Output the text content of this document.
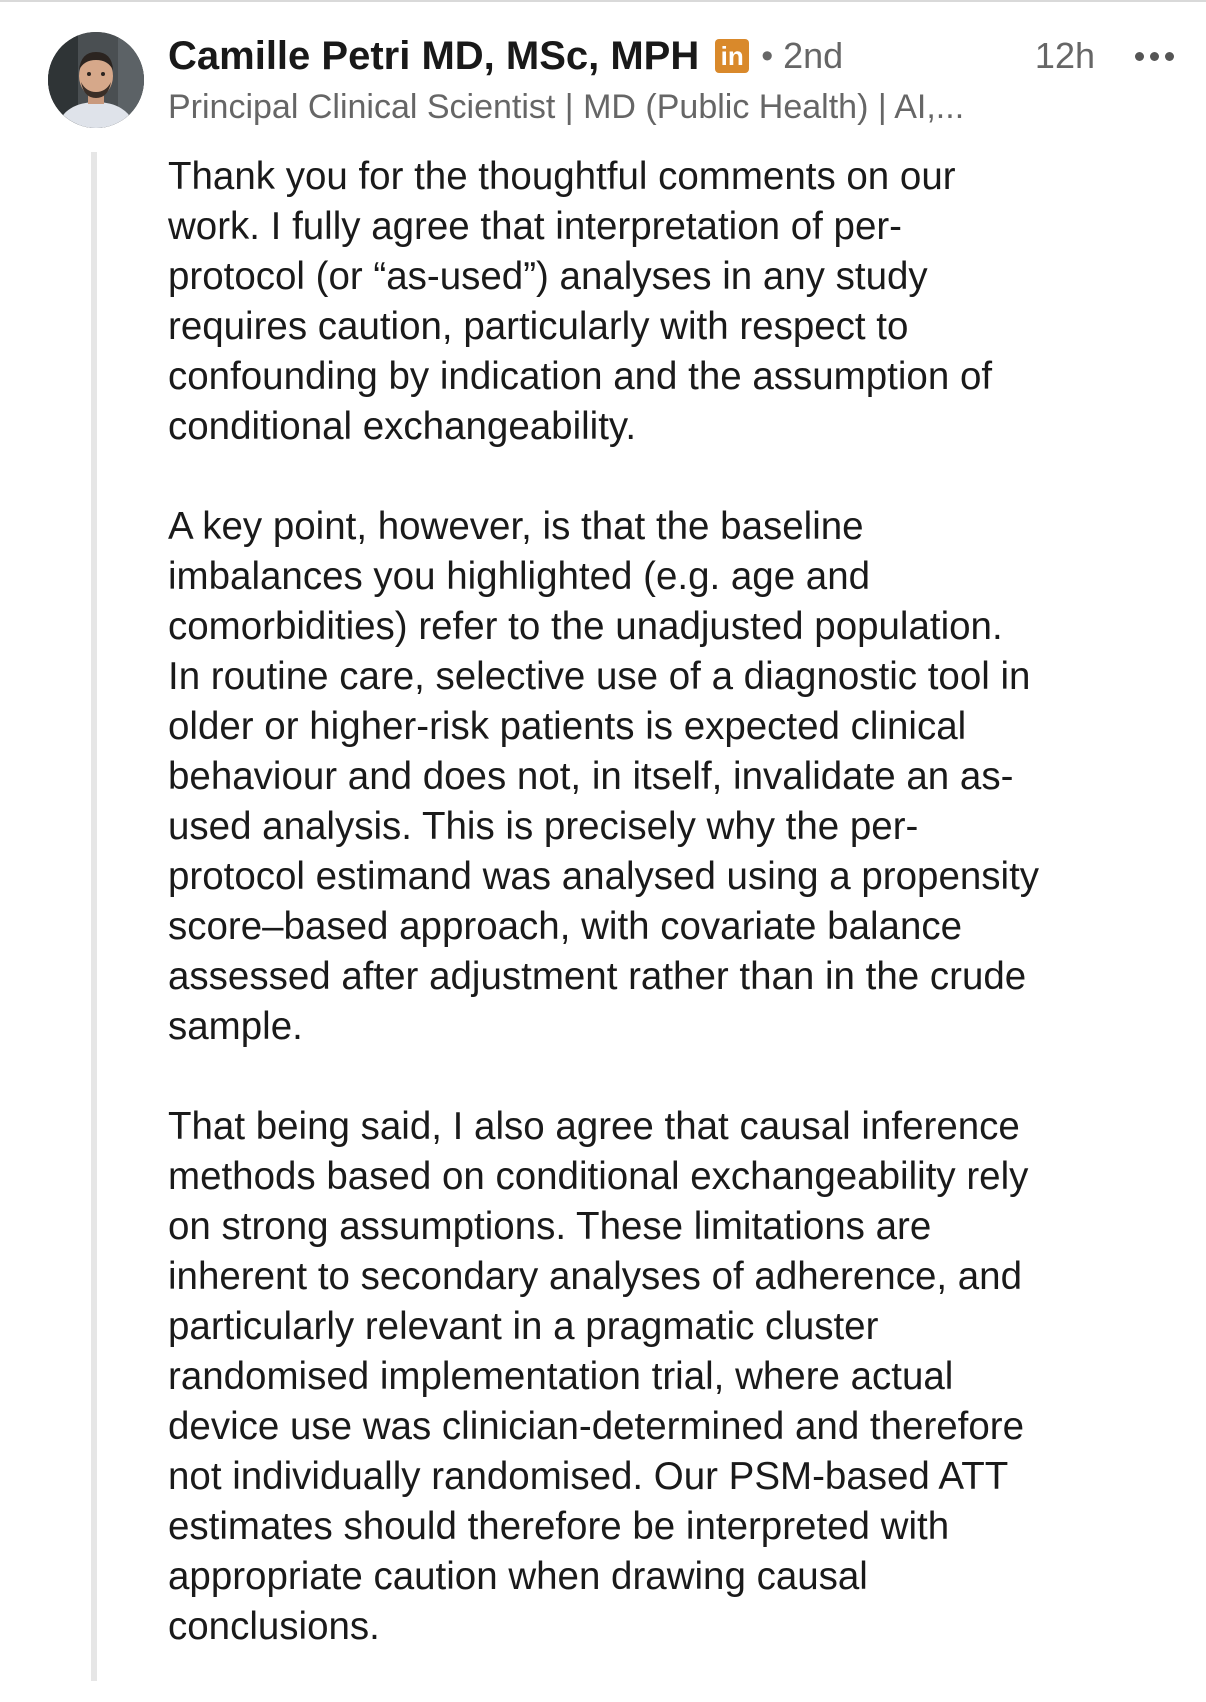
Camille Petri MD, MSc, MPH in • 2nd	12h
Principal Clinical Scientist | MD (Public Health) | AI,...

Thank you for the thoughtful comments on our
work. I fully agree that interpretation of per-
protocol (or “as-used”) analyses in any study
requires caution, particularly with respect to
confounding by indication and the assumption of
conditional exchangeability.

A key point, however, is that the baseline
imbalances you highlighted (e.g. age and
comorbidities) refer to the unadjusted population.
In routine care, selective use of a diagnostic tool in
older or higher-risk patients is expected clinical
behaviour and does not, in itself, invalidate an as-
used analysis. This is precisely why the per-
protocol estimand was analysed using a propensity
score–based approach, with covariate balance
assessed after adjustment rather than in the crude
sample.

That being said, I also agree that causal inference
methods based on conditional exchangeability rely
on strong assumptions. These limitations are
inherent to secondary analyses of adherence, and
particularly relevant in a pragmatic cluster
randomised implementation trial, where actual
device use was clinician-determined and therefore
not individually randomised. Our PSM-based ATT
estimates should therefore be interpreted with
appropriate caution when drawing causal
conclusions.
